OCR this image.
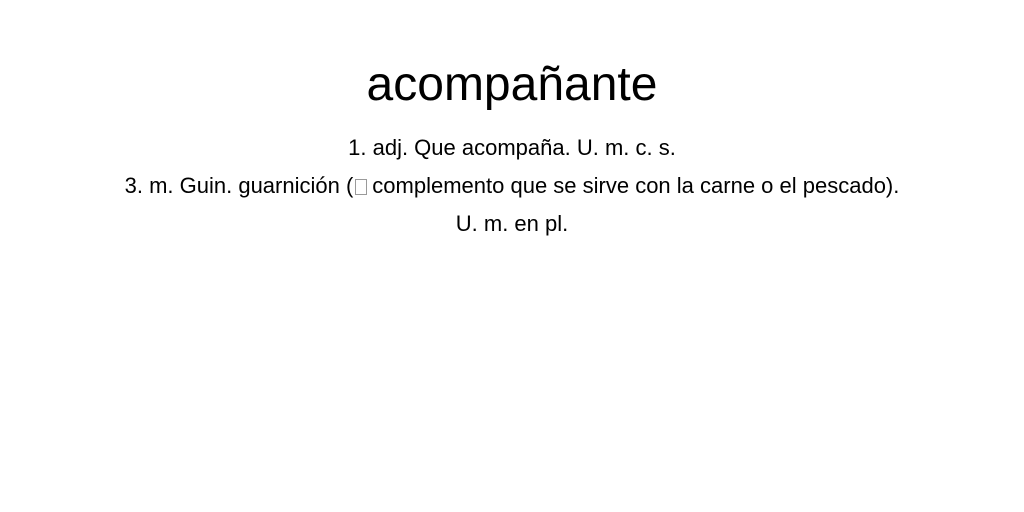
acompañante
1. adj. Que acompaña. U. m. c. s.
3. m. Guin. guarnición ( complemento que se sirve con la carne o el pescado).
U. m. en pl.
